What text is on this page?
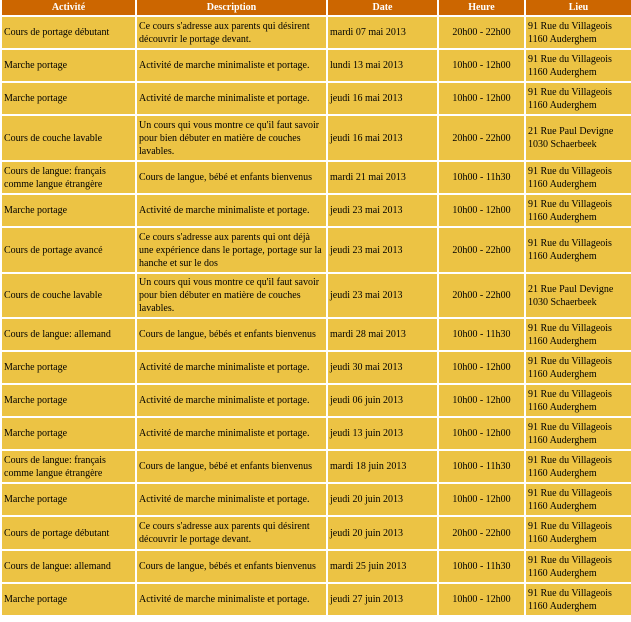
Activité	Description	Date	Heure	Lieu
Cours de portage débutant	Ce cours s'adresse aux parents qui désirent découvrir le portage devant.	mardi 07 mai 2013	20h00 - 22h00	91 Rue du Villageois
1160 Auderghem

Marche portage	Activité de marche minimaliste et portage.	lundi 13 mai 2013	10h00 - 12h00	91 Rue du Villageois
1160 Auderghem

Marche portage	Activité de marche minimaliste et portage.	jeudi 16 mai 2013	10h00 - 12h00	91 Rue du Villageois
1160 Auderghem

Cours de couche lavable	Un cours qui vous montre ce qu'il faut savoir pour bien débuter en matière de couches lavables.	jeudi 16 mai 2013	20h00 - 22h00	21 Rue Paul Devigne
1030 Schaerbeek

Cours de langue: français comme langue étrangère	Cours de langue, bébé et enfants bienvenus	mardi 21 mai 2013	10h00 - 11h30	91 Rue du Villageois
1160 Auderghem

Marche portage	Activité de marche minimaliste et portage.	jeudi 23 mai 2013	10h00 - 12h00	91 Rue du Villageois
1160 Auderghem

Cours de portage avancé	Ce cours s'adresse aux parents qui ont déjà une expérience dans le portage, portage sur la hanche et sur le dos	jeudi 23 mai 2013	20h00 - 22h00	91 Rue du Villageois
1160 Auderghem

Cours de couche lavable	Un cours qui vous montre ce qu'il faut savoir pour bien débuter en matière de couches lavables.	jeudi 23 mai 2013	20h00 - 22h00	21 Rue Paul Devigne
1030 Schaerbeek

Cours de langue: allemand	Cours de langue, bébés et enfants bienvenus	mardi 28 mai 2013	10h00 - 11h30	91 Rue du Villageois
1160 Auderghem

Marche portage	Activité de marche minimaliste et portage.	jeudi 30 mai 2013	10h00 - 12h00	91 Rue du Villageois
1160 Auderghem

Marche portage	Activité de marche minimaliste et portage.	jeudi 06 juin 2013	10h00 - 12h00	91 Rue du Villageois
1160 Auderghem

Marche portage	Activité de marche minimaliste et portage.	jeudi 13 juin 2013	10h00 - 12h00	91 Rue du Villageois
1160 Auderghem

Cours de langue: français comme langue étrangère	Cours de langue, bébé et enfants bienvenus	mardi 18 juin 2013	10h00 - 11h30	91 Rue du Villageois
1160 Auderghem

Marche portage	Activité de marche minimaliste et portage.	jeudi 20 juin 2013	10h00 - 12h00	91 Rue du Villageois
1160 Auderghem

Cours de portage débutant	Ce cours s'adresse aux parents qui désirent découvrir le portage devant.	jeudi 20 juin 2013	20h00 - 22h00	91 Rue du Villageois
1160 Auderghem

Cours de langue: allemand	Cours de langue, bébés et enfants bienvenus	mardi 25 juin 2013	10h00 - 11h30	91 Rue du Villageois
1160 Auderghem

Marche portage	Activité de marche minimaliste et portage.	jeudi 27 juin 2013	10h00 - 12h00	91 Rue du Villageois
1160 Auderghem
